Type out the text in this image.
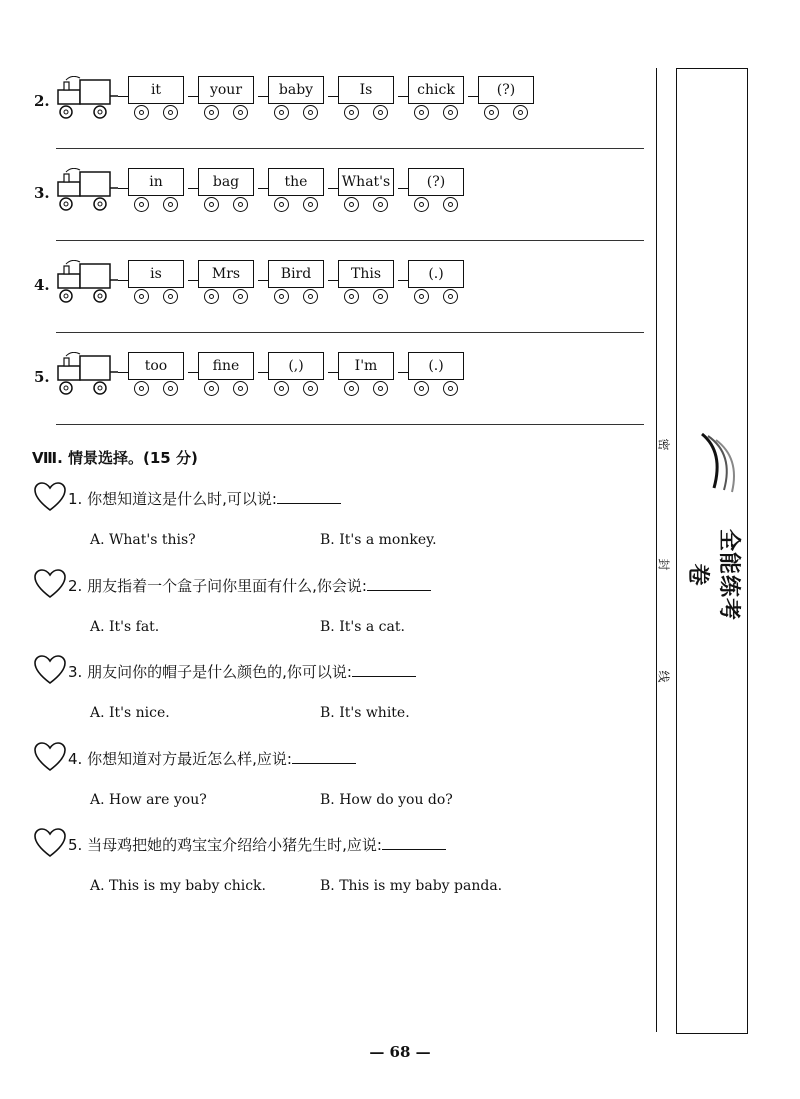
2.
it	your	baby	Is	chick	(?)
3.
in	bag	the	What's	(?)
4.
is	Mrs	Bird	This	(.)
5.
too	fine	(,)	I'm	(.)
Ⅷ. 情景选择。(15 分)
1. 你想知道这是什么时,可以说:
A. What's this?	B. It's a monkey.
2. 朋友指着一个盒子问你里面有什么,你会说:
A. It's fat.	B. It's a cat.
3. 朋友问你的帽子是什么颜色的,你可以说:
A. It's nice.	B. It's white.
4. 你想知道对方最近怎么样,应说:
A. How are you?	B. How do you do?
5. 当母鸡把她的鸡宝宝介绍给小猪先生时,应说:
A. This is my baby chick.	B. This is my baby panda.
密
封
线
全能练考卷
— 68 —
